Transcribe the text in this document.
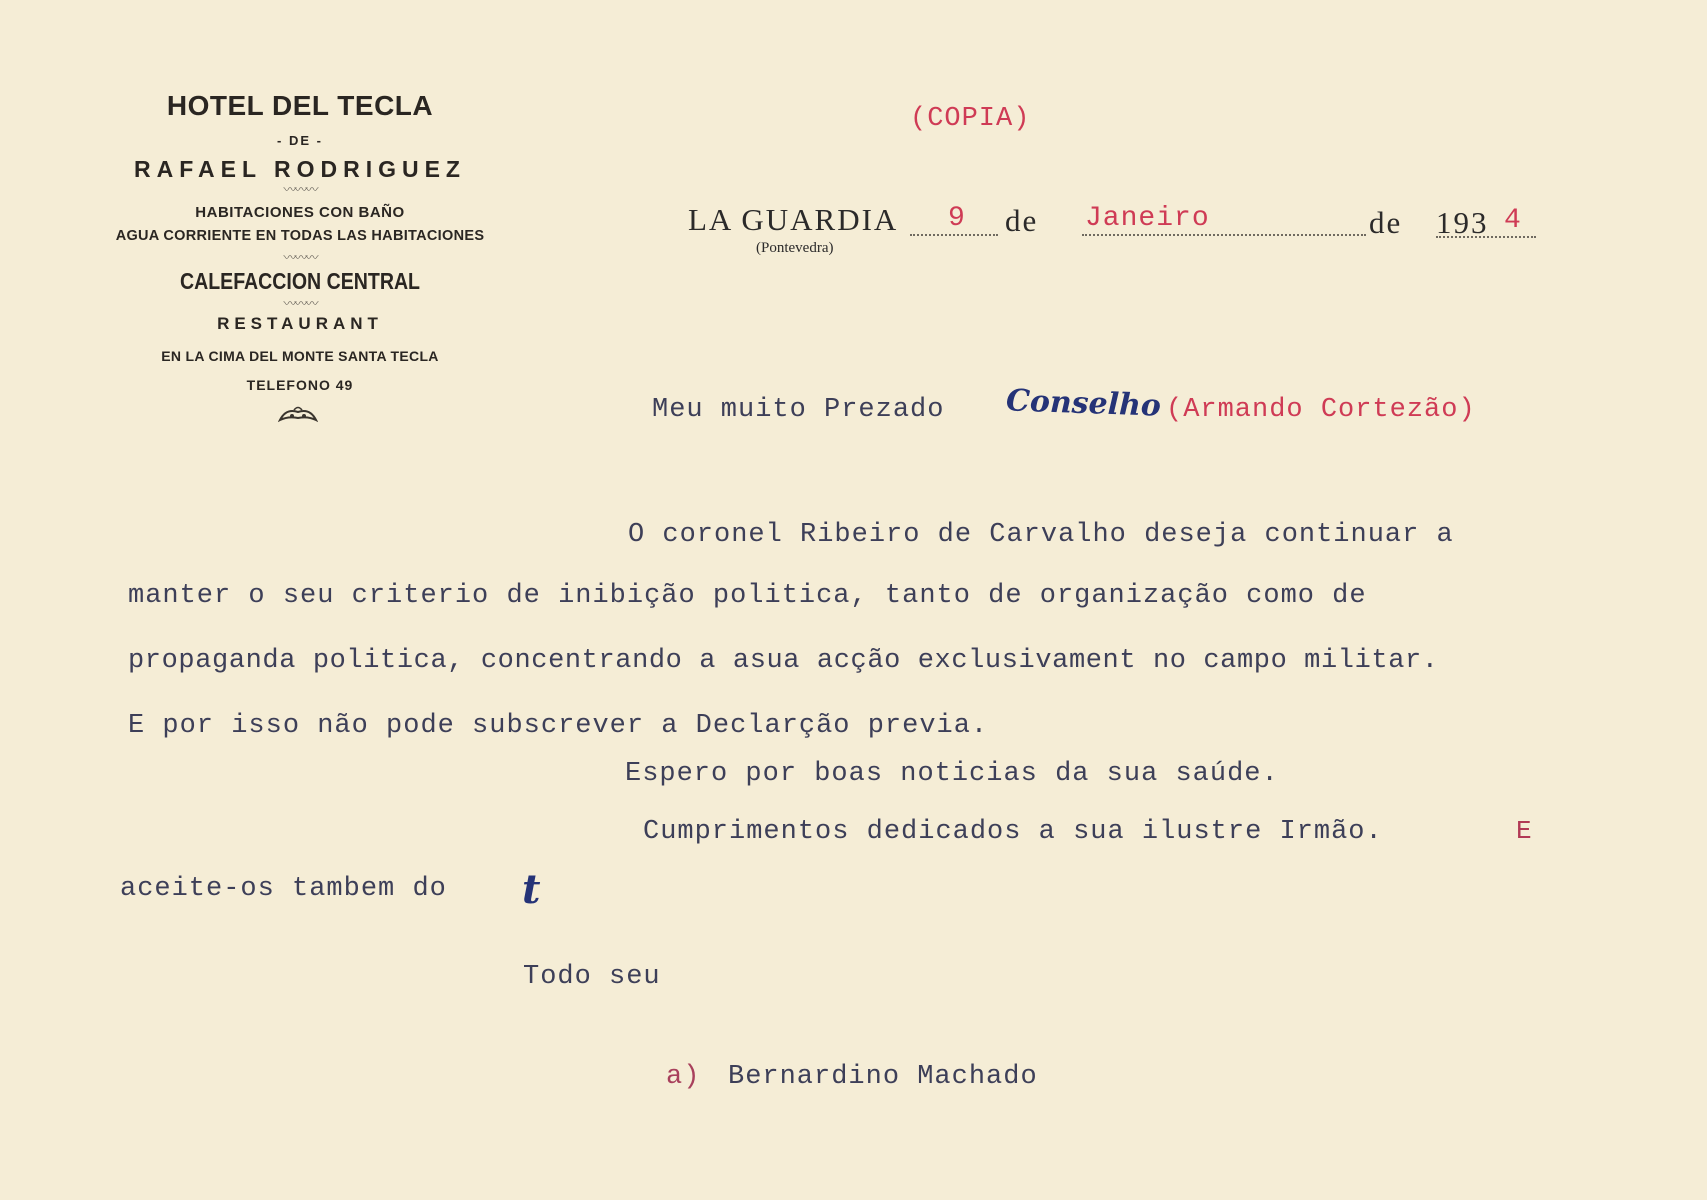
HOTEL DEL TECLA
- DE -
RAFAEL RODRIGUEZ
〰〰〰
HABITACIONES CON BAÑO
AGUA CORRIENTE EN TODAS LAS HABITACIONES
〰〰〰
CALEFACCION CENTRAL
〰〰〰
RESTAURANT
EN LA CIMA DEL MONTE SANTA TECLA
TELEFONO 49
(COPIA)
LA GUARDIA
(Pontevedra)
9 de Janeiro	de 193 4
Meu muito Prezado Conselho (Armando Cortezão)
O coronel Ribeiro de Carvalho deseja continuar a
manter o seu criterio de inibição politica, tanto de organização como de
propaganda politica, concentrando a asua acção exclusivament no campo militar.
E por isso não pode subscrever a Declarção previa.
Espero por boas noticias da sua saúde.
Cumprimentos dedicados a sua ilustre Irmão.	E
aceite-os tambem do t
Todo seu
a) Bernardino Machado
